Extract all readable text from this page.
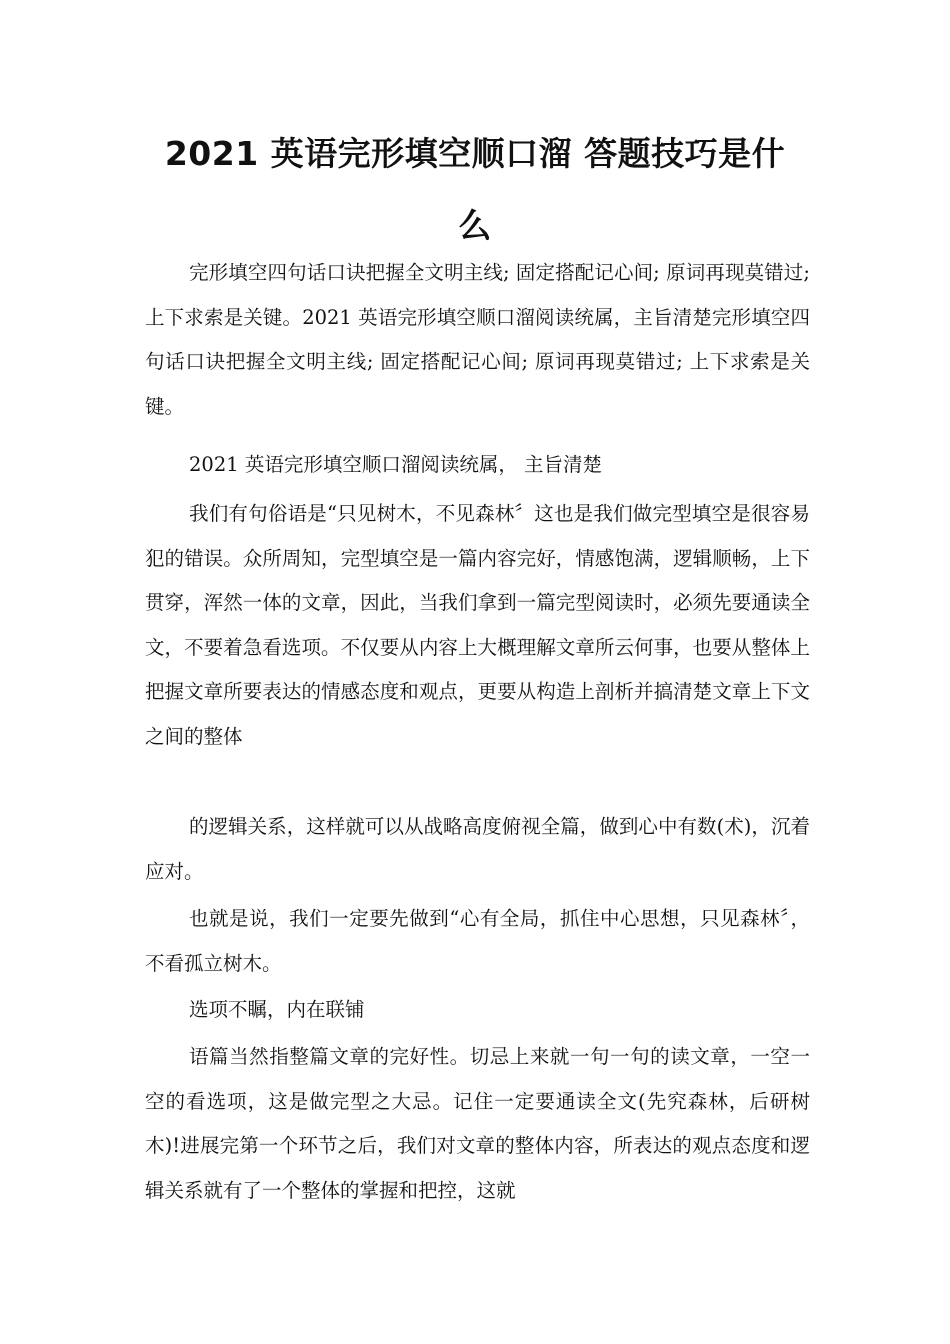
2021 英语完形填空顺口溜 答题技巧是什
么

完形填空四句话口诀把握全文明主线; 固定搭配记心间; 原词再现莫错过; 上下求索是关键。2021 英语完形填空顺口溜阅读统属，主旨清楚完形填空四句话口诀把握全文明主线; 固定搭配记心间; 原词再现莫错过; 上下求索是关键。

2021 英语完形填空顺口溜阅读统属， 主旨清楚

我们有句俗语是“只见树木，不见森林〞这也是我们做完型填空是很容易犯的错误。众所周知，完型填空是一篇内容完好，情感饱满，逻辑顺畅，上下贯穿，浑然一体的文章，因此，当我们拿到一篇完型阅读时，必须先要通读全文，不要着急看选项。不仅要从内容上大概理解文章所云何事，也要从整体上把握文章所要表达的情感态度和观点，更要从构造上剖析并搞清楚文章上下文之间的整体

的逻辑关系，这样就可以从战略高度俯视全篇，做到心中有数(术)，沉着应对。

也就是说，我们一定要先做到“心有全局，抓住中心思想，只见森林〞，不看孤立树木。

选项不瞩，内在联铺

语篇当然指整篇文章的完好性。切忌上来就一句一句的读文章，一空一空的看选项，这是做完型之大忌。记住一定要通读全文(先究森林，后研树木)!进展完第一个环节之后，我们对文章的整体内容，所表达的观点态度和逻辑关系就有了一个整体的掌握和把控，这就
